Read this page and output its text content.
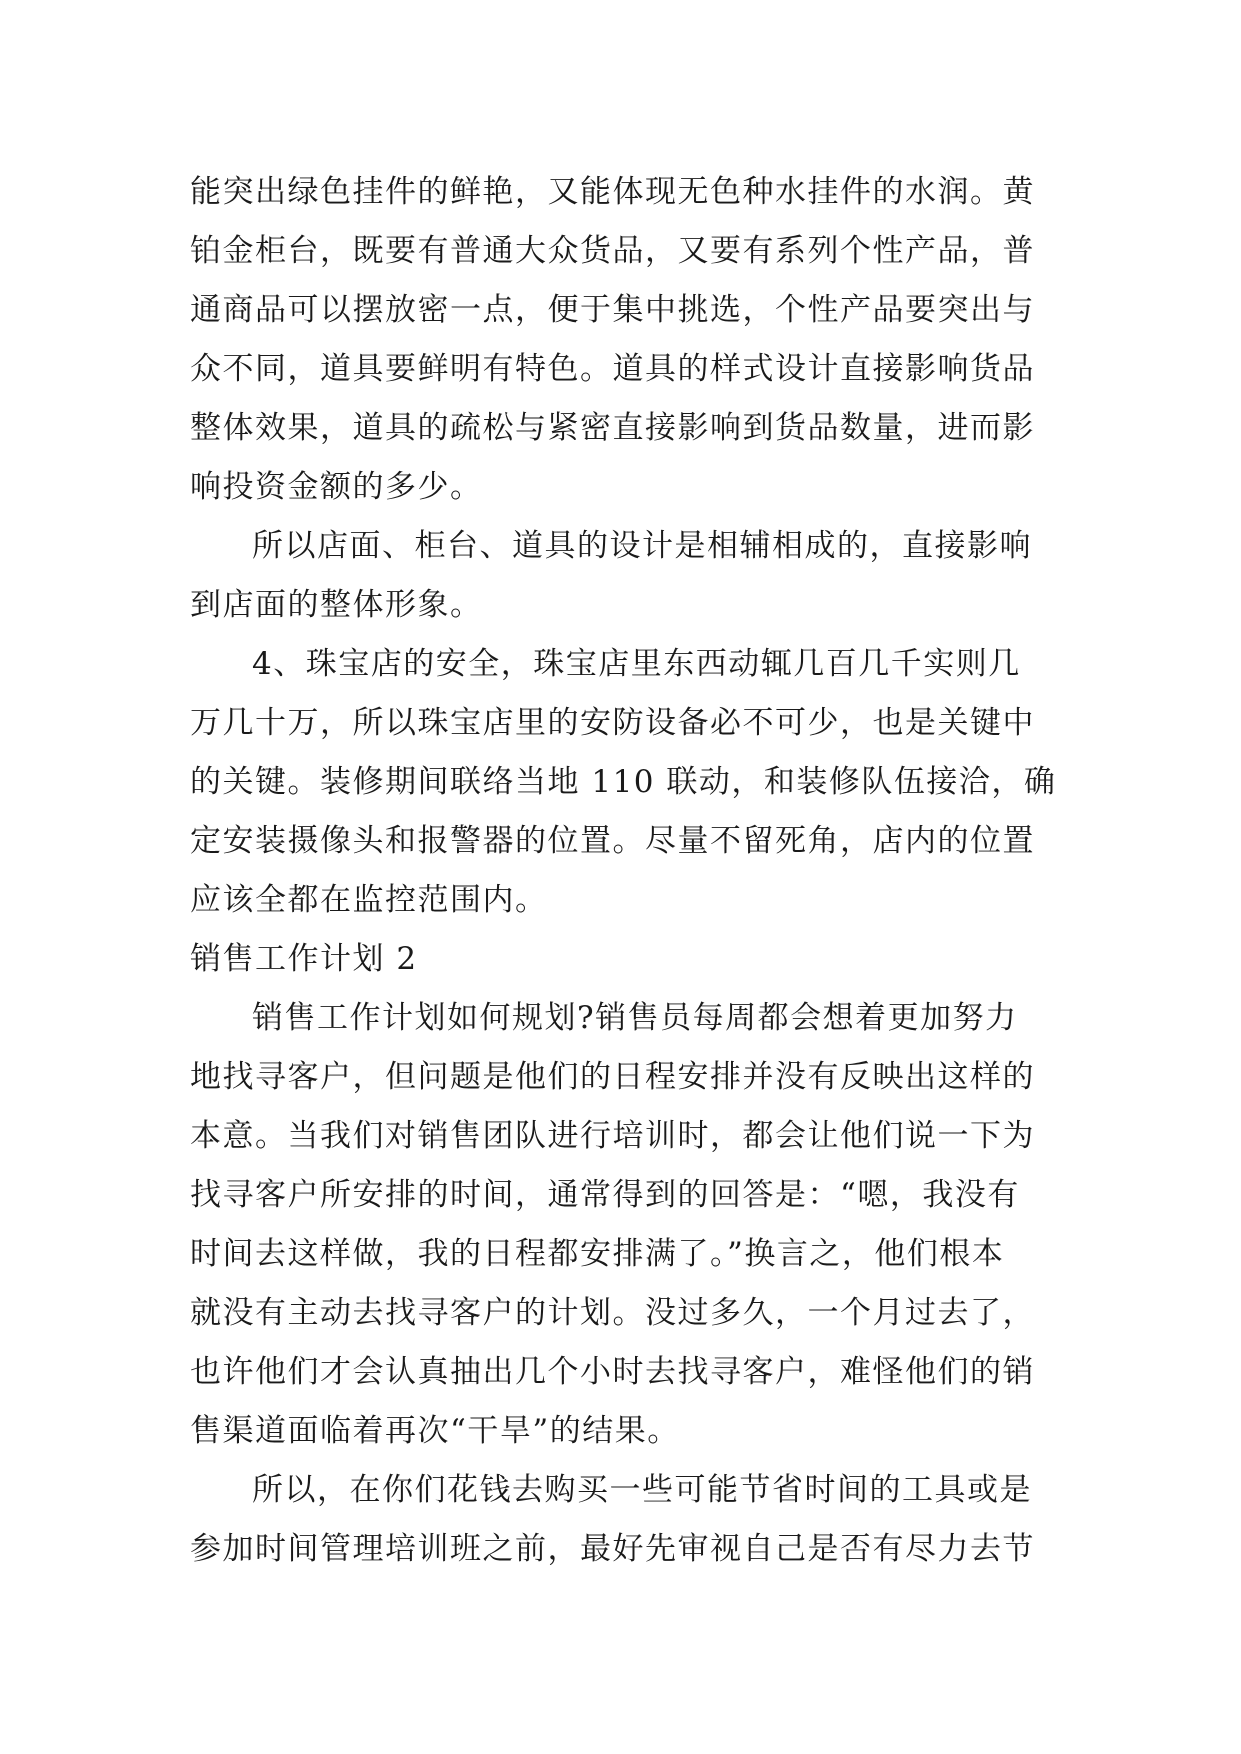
能突出绿色挂件的鲜艳，又能体现无色种水挂件的水润。黄
铂金柜台，既要有普通大众货品，又要有系列个性产品，普
通商品可以摆放密一点，便于集中挑选，个性产品要突出与
众不同，道具要鲜明有特色。道具的样式设计直接影响货品
整体效果，道具的疏松与紧密直接影响到货品数量，进而影
响投资金额的多少。
所以店面、柜台、道具的设计是相辅相成的，直接影响
到店面的整体形象。
4、珠宝店的安全，珠宝店里东西动辄几百几千实则几
万几十万，所以珠宝店里的安防设备必不可少，也是关键中
的关键。装修期间联络当地 110 联动，和装修队伍接洽，确
定安装摄像头和报警器的位置。尽量不留死角，店内的位置
应该全都在监控范围内。
销售工作计划 2
销售工作计划如何规划?销售员每周都会想着更加努力
地找寻客户，但问题是他们的日程安排并没有反映出这样的
本意。当我们对销售团队进行培训时，都会让他们说一下为
找寻客户所安排的时间，通常得到的回答是：“嗯，我没有
时间去这样做，我的日程都安排满了。”换言之，他们根本
就没有主动去找寻客户的计划。没过多久，一个月过去了，
也许他们才会认真抽出几个小时去找寻客户，难怪他们的销
售渠道面临着再次“干旱”的结果。
所以，在你们花钱去购买一些可能节省时间的工具或是
参加时间管理培训班之前，最好先审视自己是否有尽力去节
